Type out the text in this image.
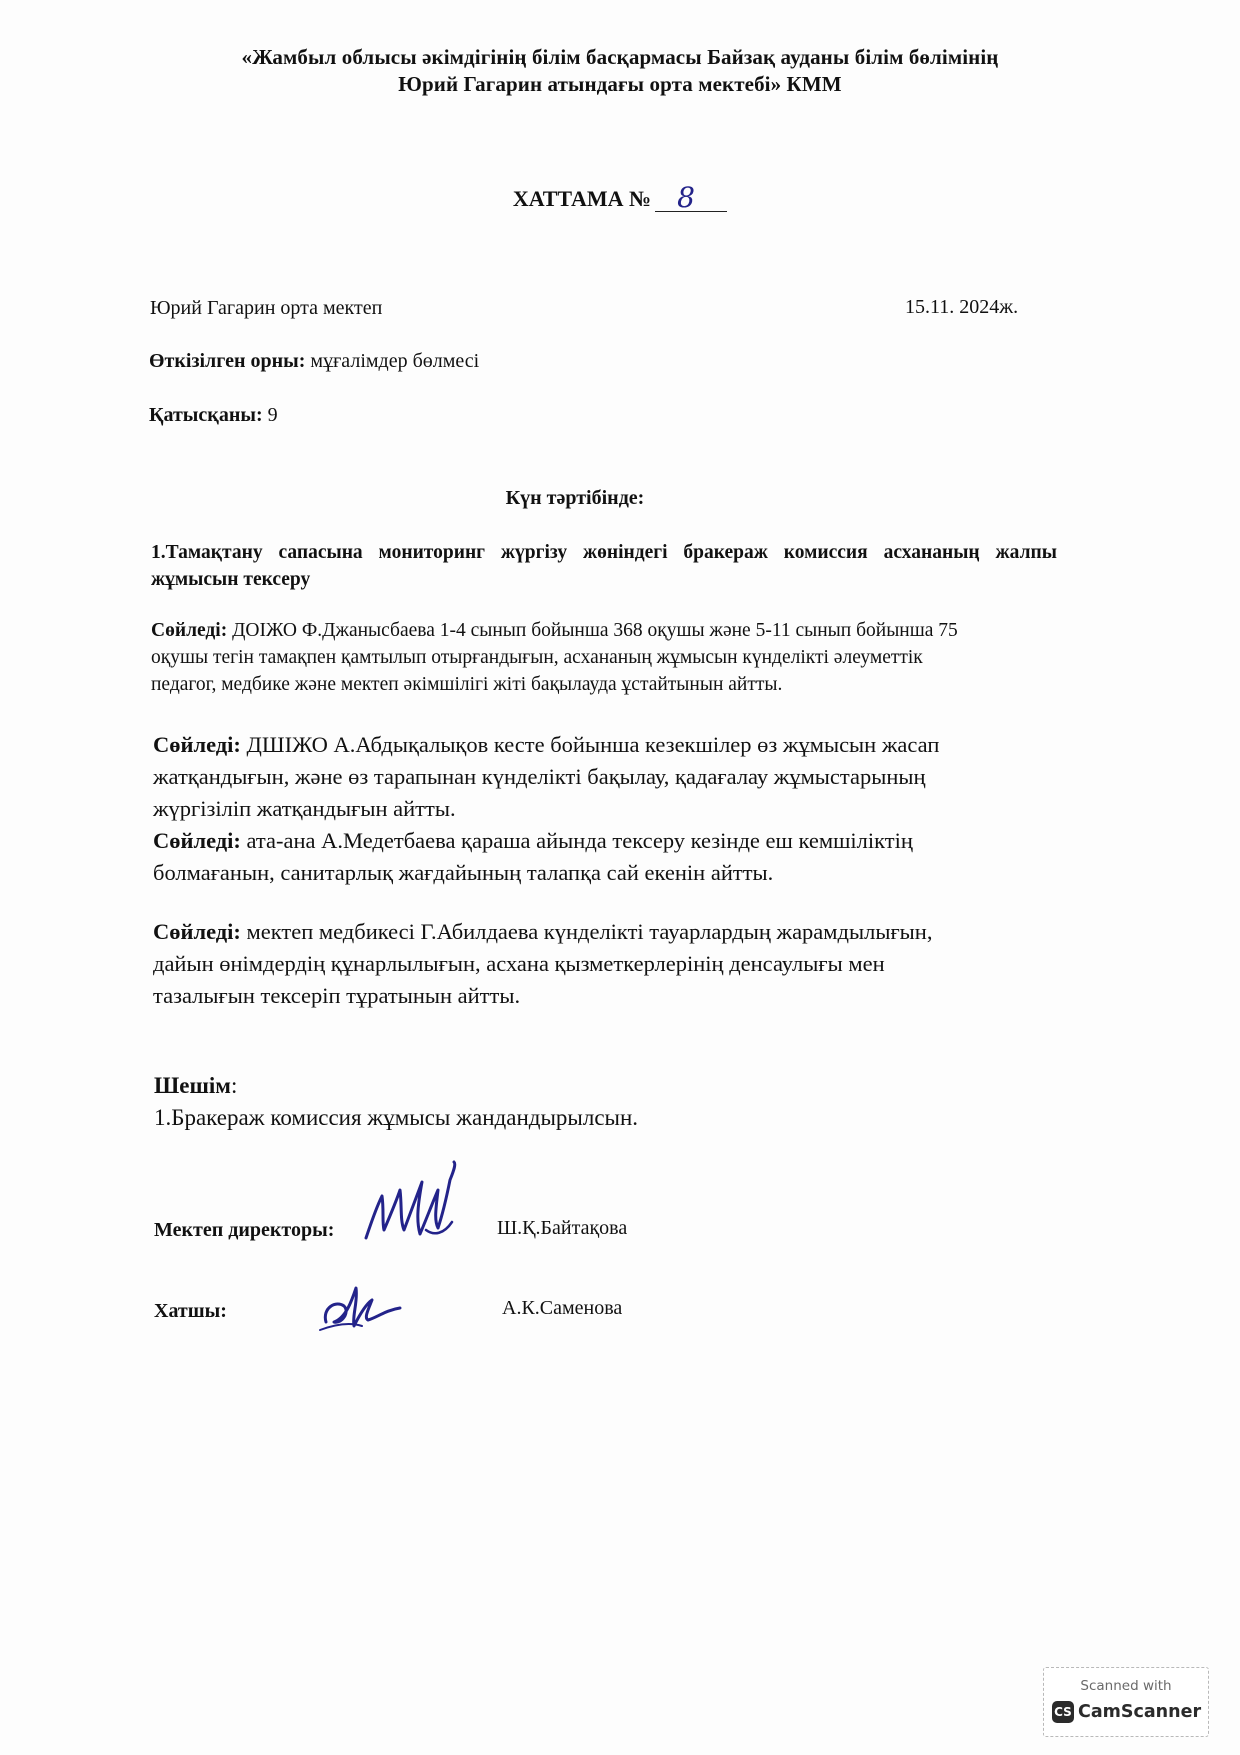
«Жамбыл облысы әкімдігінің білім басқармасы Байзақ ауданы білім бөлімінің
Юрий Гагарин атындағы орта мектебі» КММ
ХАТТАМА № 8
Юрий Гагарин орта мектеп	15.11. 2024ж.
Өткізілген орны: мұғалімдер бөлмесі
Қатысқаны: 9
Күн тәртібінде:
1.Тамақтану сапасына мониторинг жүргізу жөніндегі бракераж комиссия асхананың жалпы жұмысын тексеру
Сөйледі: ДОІЖО Ф.Джанысбаева 1-4 сынып бойынша 368 оқушы және 5-11 сынып бойынша 75
оқушы тегін тамақпен қамтылып отырғандығын, асхананың жұмысын күнделікті әлеуметтік
педагог, медбике және мектеп әкімшілігі жіті бақылауда ұстайтынын айтты.
Сөйледі: ДШІЖО А.Абдықалықов кесте бойынша кезекшілер өз жұмысын жасап
жатқандығын, және өз тарапынан күнделікті бақылау, қадағалау жұмыстарының
жүргізіліп жатқандығын айтты.
Сөйледі: ата-ана А.Медетбаева қараша айында тексеру кезінде еш кемшіліктің
болмағанын, санитарлық жағдайының талапқа сай екенін айтты.
Сөйледі: мектеп медбикесі Г.Абилдаева күнделікті тауарлардың жарамдылығын,
дайын өнімдердің құнарлылығын, асхана қызметкерлерінің денсаулығы мен
тазалығын тексеріп тұратынын айтты.
Шешім:
1.Бракераж комиссия жұмысы жандандырылсын.
Мектеп директоры:	Ш.Қ.Байтақова
Хатшы:	А.К.Саменова
Scanned with
CS CamScanner
